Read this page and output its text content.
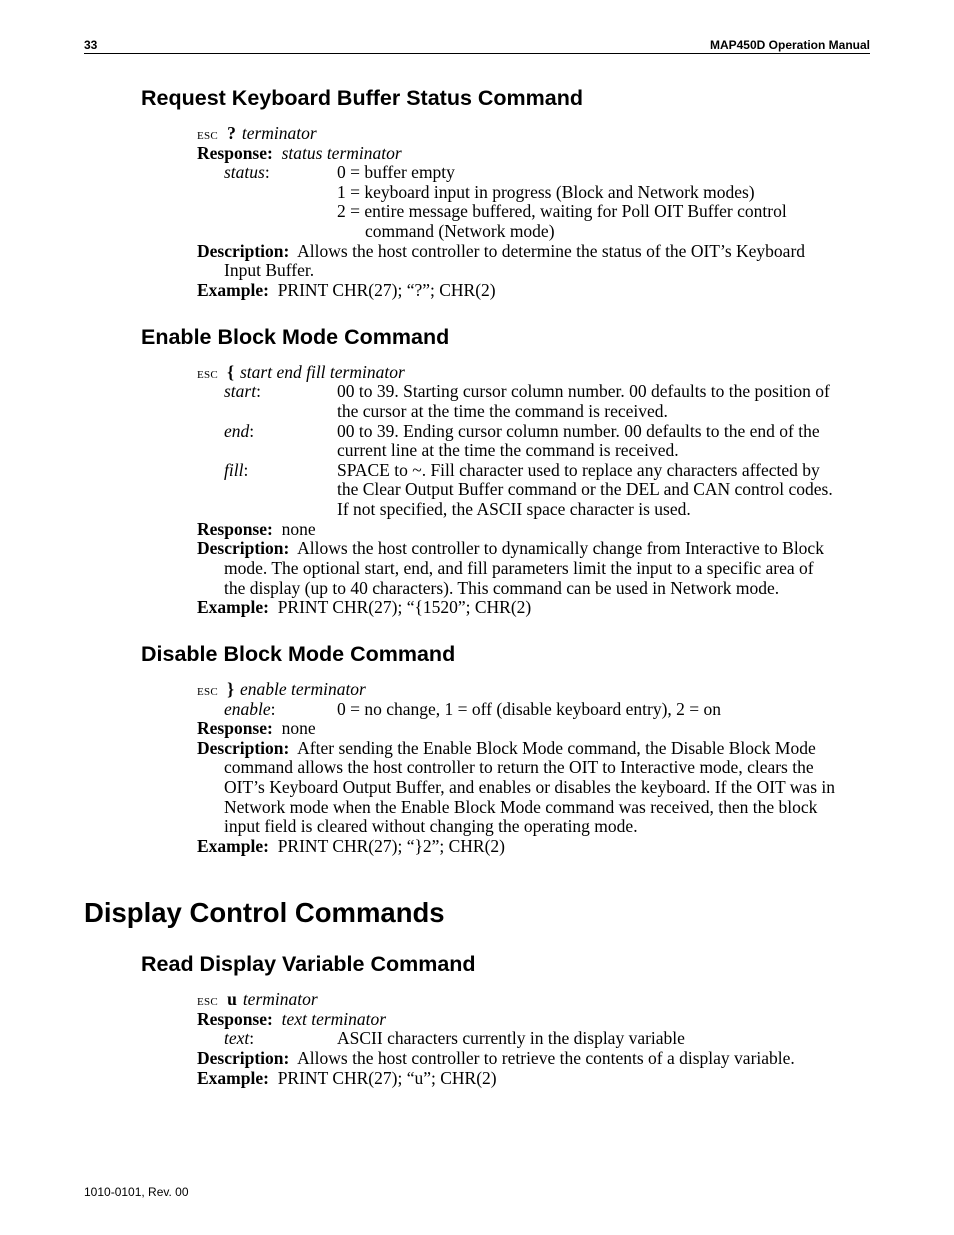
33	MAP450D Operation Manual
Request Keyboard Buffer Status Command
ESC ? terminator
Response: status terminator
status:	0 = buffer empty
1 = keyboard input in progress (Block and Network modes)
2 = entire message buffered, waiting for Poll OIT Buffer control
command (Network mode)
Description: Allows the host controller to determine the status of the OIT’s Keyboard
Input Buffer.
Example: PRINT CHR(27); “?”; CHR(2)
Enable Block Mode Command
ESC { start end fill terminator
start:	00 to 39. Starting cursor column number. 00 defaults to the position of
the cursor at the time the command is received.
end:	00 to 39. Ending cursor column number. 00 defaults to the end of the
current line at the time the command is received.
fill:	SPACE to ~. Fill character used to replace any characters affected by
the Clear Output Buffer command or the DEL and CAN control codes.
If not specified, the ASCII space character is used.
Response: none
Description: Allows the host controller to dynamically change from Interactive to Block
mode. The optional start, end, and fill parameters limit the input to a specific area of
the display (up to 40 characters). This command can be used in Network mode.
Example: PRINT CHR(27); “{1520”; CHR(2)
Disable Block Mode Command
ESC } enable terminator
enable:	0 = no change, 1 = off (disable keyboard entry), 2 = on
Response: none
Description: After sending the Enable Block Mode command, the Disable Block Mode
command allows the host controller to return the OIT to Interactive mode, clears the
OIT’s Keyboard Output Buffer, and enables or disables the keyboard. If the OIT was in
Network mode when the Enable Block Mode command was received, then the block
input field is cleared without changing the operating mode.
Example: PRINT CHR(27); “}2”; CHR(2)
Display Control Commands
Read Display Variable Command
ESC u terminator
Response: text terminator
text:	ASCII characters currently in the display variable
Description: Allows the host controller to retrieve the contents of a display variable.
Example: PRINT CHR(27); “u”; CHR(2)
1010-0101, Rev. 00
